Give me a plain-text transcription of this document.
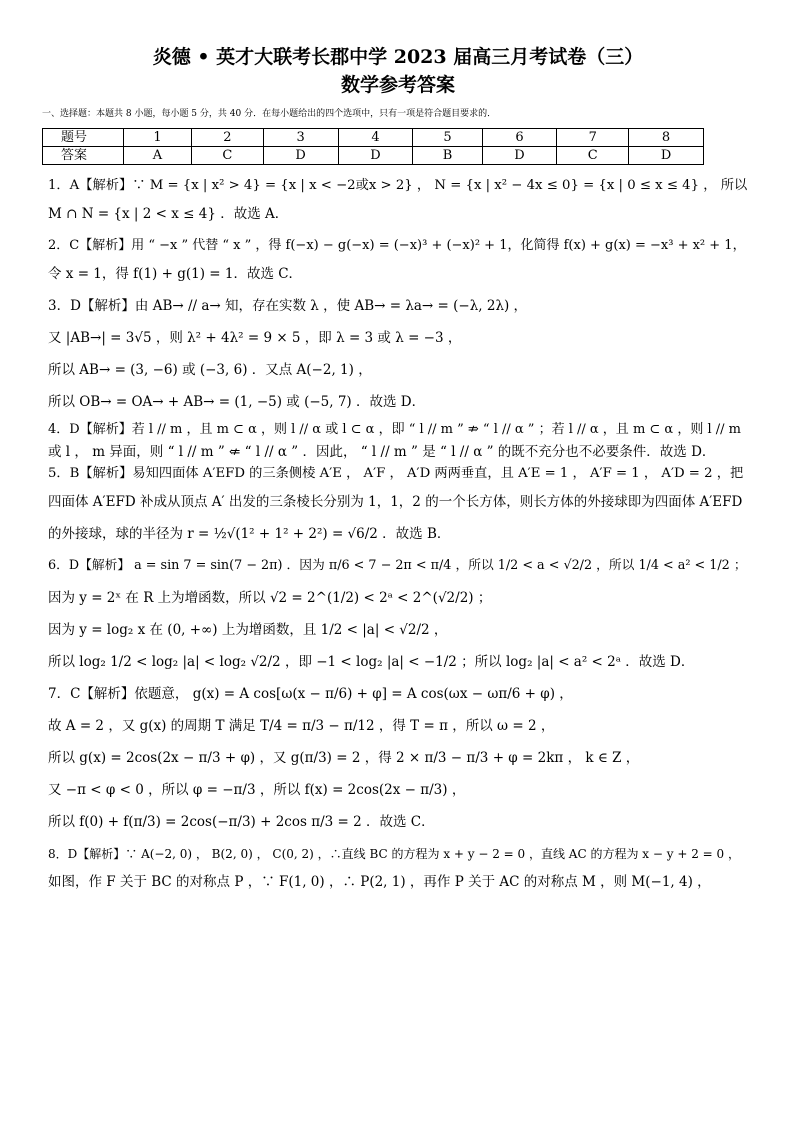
炎德 • 英才大联考长郡中学 2023 届高三月考试卷（三）
数学参考答案
一、选择题：本题共 8 小题，每小题 5 分，共 40 分．在每小题给出的四个选项中，只有一项是符合题目要求的．
题号	1	2	3	4	5	6	7	8
答案	A	C	D	D	B	D	C	D

1．A【解析】∵ M = {x | x² > 4} = {x | x < −2或x > 2} ， N = {x | x² − 4x ≤ 0} = {x | 0 ≤ x ≤ 4} ， 所以

M ∩ N = {x | 2 < x ≤ 4} ．故选 A．

2．C【解析】用 “ −x ” 代替 “ x ” ，得 f(−x) − g(−x) = (−x)³ + (−x)² + 1，化简得 f(x) + g(x) = −x³ + x² + 1，

令 x = 1，得 f(1) + g(1) = 1．故选 C．

3．D【解析】由 AB→ // a→ 知，存在实数 λ ，使 AB→ = λa→ = (−λ, 2λ) ，

又 |AB→| = 3√5 ，则 λ² + 4λ² = 9 × 5 ，即 λ = 3 或 λ = −3 ，

所以 AB→ = (3, −6) 或 (−3, 6) ．又点 A(−2, 1) ，

所以 OB→ = OA→ + AB→ = (1, −5) 或 (−5, 7) ．故选 D．

4．D【解析】若 l // m ，且 m ⊂ α ，则 l // α 或 l ⊂ α ，即 “ l // m ” ⇏ “ l // α ” ；若 l // α ，且 m ⊂ α ，则 l // m

或 l ， m 异面，则 “ l // m ” ⇍ “ l // α ” ．因此， “ l // m ” 是 “ l // α ” 的既不充分也不必要条件．故选 D．

5．B【解析】易知四面体 A′EFD 的三条侧棱 A′E ， A′F ， A′D 两两垂直，且 A′E = 1 ， A′F = 1 ， A′D = 2 ，把

四面体 A′EFD 补成从顶点 A′ 出发的三条棱长分别为 1，1，2 的一个长方体，则长方体的外接球即为四面体 A′EFD

的外接球，球的半径为 r = ½√(1² + 1² + 2²) = √6/2 ．故选 B．

6．D【解析】 a = sin 7 = sin(7 − 2π) ．因为 π/6 < 7 − 2π < π/4 ，所以 1/2 < a < √2/2 ，所以 1/4 < a² < 1/2 ；

因为 y = 2ˣ 在 R 上为增函数，所以 √2 = 2^(1/2) < 2ᵃ < 2^(√2/2) ；

因为 y = log₂ x 在 (0, +∞) 上为增函数，且 1/2 < |a| < √2/2 ，

所以 log₂ 1/2 < log₂ |a| < log₂ √2/2 ，即 −1 < log₂ |a| < −1/2 ；所以 log₂ |a| < a² < 2ᵃ ．故选 D．

7．C【解析】依题意， g(x) = A cos[ω(x − π/6) + φ] = A cos(ωx − ωπ/6 + φ) ，

故 A = 2 ，又 g(x) 的周期 T 满足 T/4 = π/3 − π/12 ，得 T = π ，所以 ω = 2 ，

所以 g(x) = 2cos(2x − π/3 + φ) ，又 g(π/3) = 2 ，得 2 × π/3 − π/3 + φ = 2kπ ， k ∈ Z ，

又 −π < φ < 0 ，所以 φ = −π/3 ，所以 f(x) = 2cos(2x − π/3) ，

所以 f(0) + f(π/3) = 2cos(−π/3) + 2cos π/3 = 2 ．故选 C．

8．D【解析】∵ A(−2, 0) ， B(2, 0) ， C(0, 2) ，∴直线 BC 的方程为 x + y − 2 = 0 ，直线 AC 的方程为 x − y + 2 = 0 ，

如图，作 F 关于 BC 的对称点 P ，∵ F(1, 0) ，∴ P(2, 1) ，再作 P 关于 AC 的对称点 M ，则 M(−1, 4) ，
